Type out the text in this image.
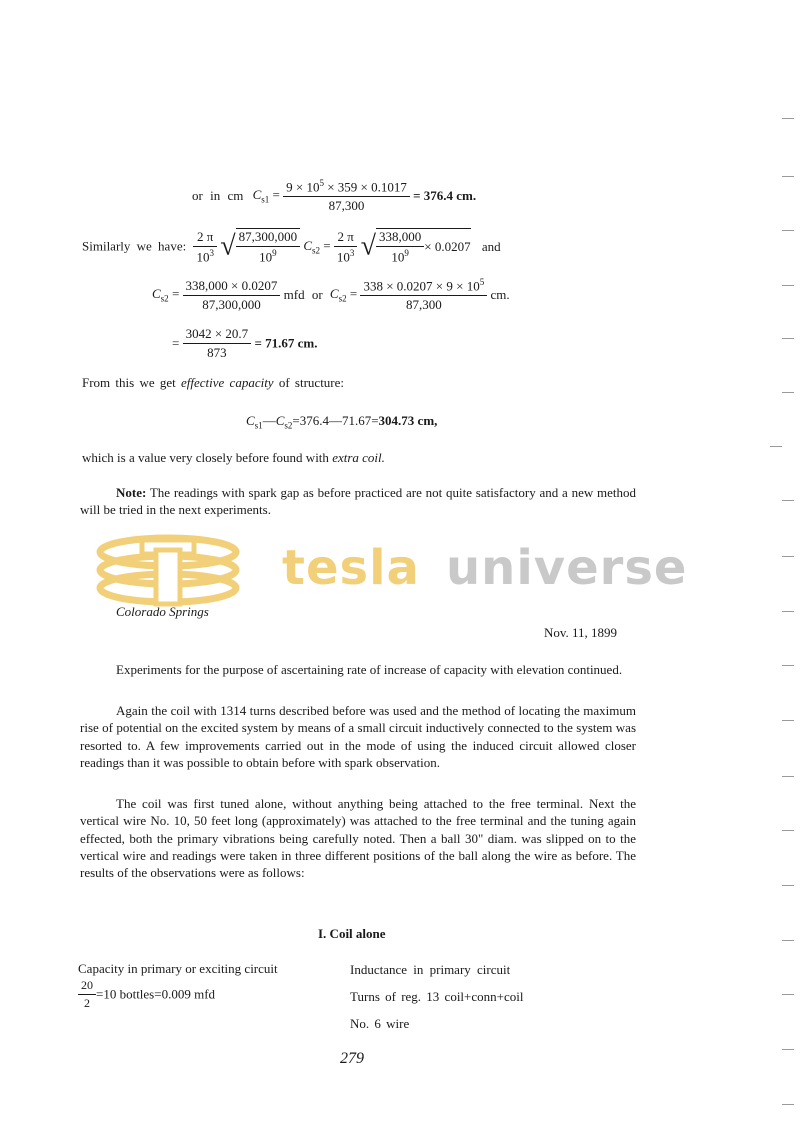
or in cm $C_{s1} = \frac{9 \times 10^5 \times 359 \times 0.1017}{87,300} = 376.4$ cm.
Similarly we have: $\frac{2 \pi}{10^3}$ √ $\frac{87,300,000}{10^9} C_{s2} = \frac{2 \pi}{10^3}$ √ $\frac{338,000}{10^9} \times 0.0207$ and
$C_{s2} = \frac{338,000 \times 0.0207}{87,300,000}$ mfd or $C_{s2} = \frac{338 \times 0.0207 \times 9 \times 10^5}{87,300}$ cm.
= $\frac{3042 \times 20.7}{873} = 71.67$ cm.
From this we get effective capacity of structure:
$C_{s1}—C_{s2}=376.4—71.67=304.73$ cm,
which is a value very closely before found with extra coil.
Note: The readings with spark gap as before practiced are not quite satisfactory and a new method will be tried in the next experiments.
tesla universe
Colorado Springs
Nov. 11, 1899
Experiments for the purpose of ascertaining rate of increase of capacity with elevation continued.
Again the coil with 1314 turns described before was used and the method of locating the maximum rise of potential on the excited system by means of a small circuit inductively connected to the system was resorted to. A few improvements carried out in the mode of using the induced circuit allowed closer readings than it was possible to obtain before with spark observation.
The coil was first tuned alone, without anything being attached to the free terminal. Next the vertical wire No. 10, 50 feet long (approximately) was attached to the free terminal and the tuning again effected, both the primary vibrations being carefully noted. Then a ball 30" diam. was slipped on to the vertical wire and readings were taken in three different positions of the ball along the wire as before. The results of the observations were as follows:
I. Coil alone
Capacity in primary or exciting circuit
$\frac{20}{2} =10$ bottles=0.009 mfd
Inductance in primary circuit
Turns of reg. 13 coil+conn+coil
No. 6 wire
279
